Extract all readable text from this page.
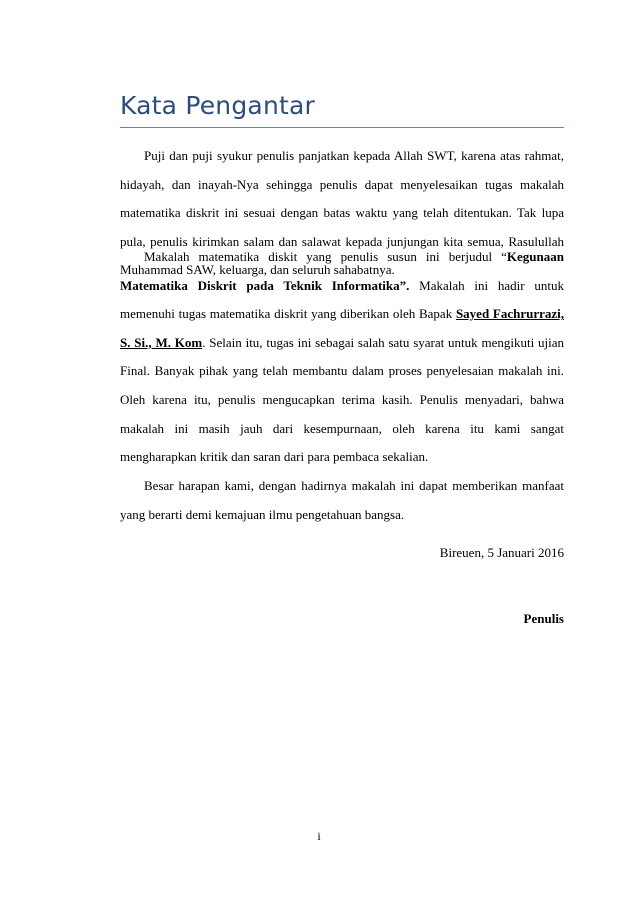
Kata Pengantar

Puji dan puji syukur penulis panjatkan kepada Allah SWT, karena atas rahmat, hidayah, dan inayah-Nya sehingga penulis dapat menyelesaikan tugas makalah matematika diskrit ini sesuai dengan batas waktu yang telah ditentukan. Tak lupa pula, penulis kirimkan salam dan salawat kepada junjungan kita semua, Rasulullah Muhammad SAW, keluarga, dan seluruh sahabatnya.

Makalah matematika diskit yang penulis susun ini berjudul “Kegunaan Matematika Diskrit pada Teknik Informatika”. Makalah ini hadir untuk memenuhi tugas matematika diskrit yang diberikan oleh Bapak Sayed Fachrurrazi, S. Si., M. Kom. Selain itu, tugas ini sebagai salah satu syarat untuk mengikuti ujian Final. Banyak pihak yang telah membantu dalam proses penyelesaian makalah ini. Oleh karena itu, penulis mengucapkan terima kasih. Penulis menyadari, bahwa makalah ini masih jauh dari kesempurnaan, oleh karena itu kami sangat mengharapkan kritik dan saran dari para pembaca sekalian.

Besar harapan kami, dengan hadirnya makalah ini dapat memberikan manfaat yang berarti demi kemajuan ilmu pengetahuan bangsa.

Bireuen, 5 Januari 2016

Penulis

i
